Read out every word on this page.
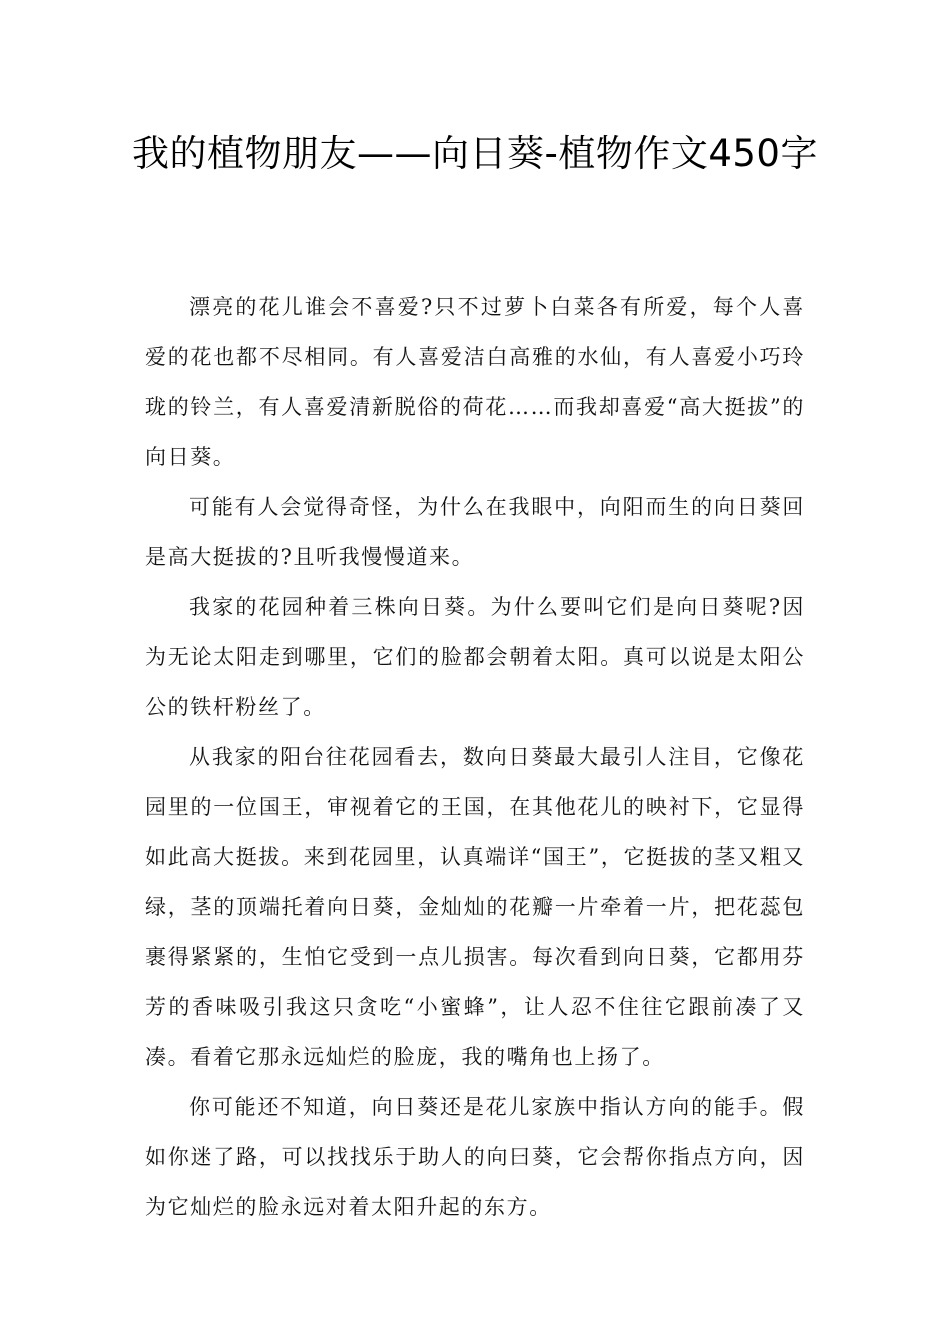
我的植物朋友——向日葵-植物作文450字

漂亮的花儿谁会不喜爱?只不过萝卜白菜各有所爱，每个人喜爱的花也都不尽相同。有人喜爱洁白高雅的水仙，有人喜爱小巧玲珑的铃兰，有人喜爱清新脱俗的荷花……而我却喜爱“高大挺拔”的向日葵。

可能有人会觉得奇怪，为什么在我眼中，向阳而生的向日葵回是高大挺拔的?且听我慢慢道来。

我家的花园种着三株向日葵。为什么要叫它们是向日葵呢?因为无论太阳走到哪里，它们的脸都会朝着太阳。真可以说是太阳公公的铁杆粉丝了。

从我家的阳台往花园看去，数向日葵最大最引人注目，它像花园里的一位国王，审视着它的王国，在其他花儿的映衬下，它显得如此高大挺拔。来到花园里，认真端详“国王”，它挺拔的茎又粗又绿，茎的顶端托着向日葵，金灿灿的花瓣一片牵着一片，把花蕊包裹得紧紧的，生怕它受到一点儿损害。每次看到向日葵，它都用芬芳的香味吸引我这只贪吃“小蜜蜂”，让人忍不住往它跟前凑了又凑。看着它那永远灿烂的脸庞，我的嘴角也上扬了。

你可能还不知道，向日葵还是花儿家族中指认方向的能手。假如你迷了路，可以找找乐于助人的向曰葵，它会帮你指点方向，因为它灿烂的脸永远对着太阳升起的东方。
